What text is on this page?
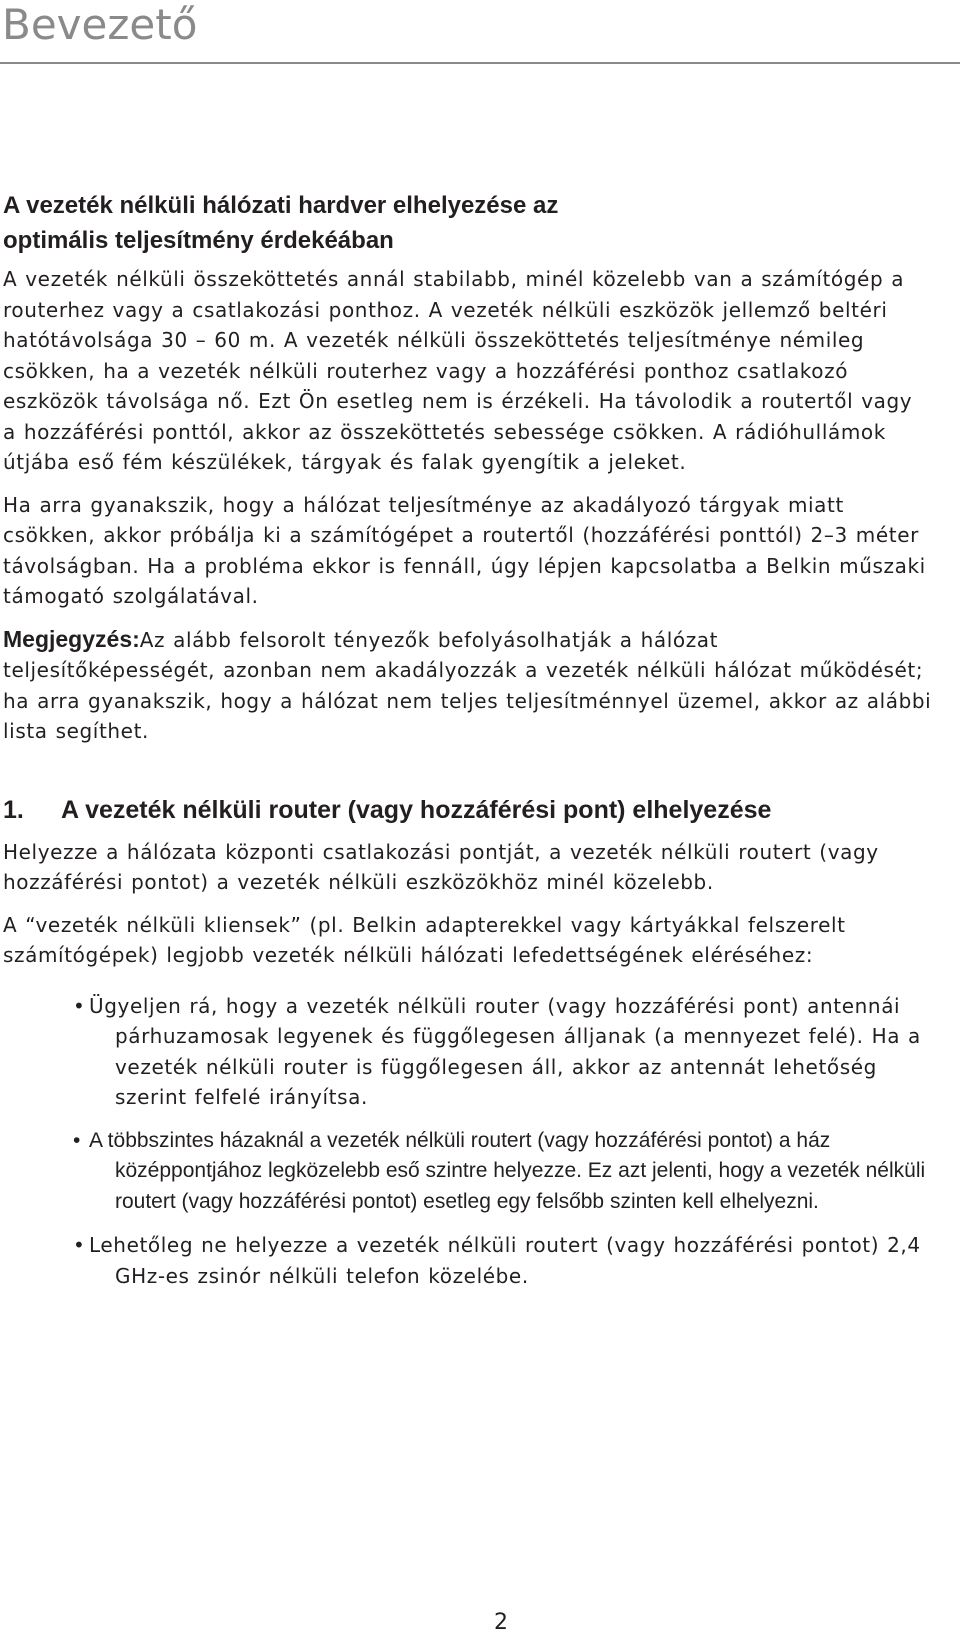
Bevezető
A vezeték nélküli hálózati hardver elhelyezése az
optimális teljesítmény érdekéában

A vezeték nélküli összeköttetés annál stabilabb, minél közelebb van a számítógép a routerhez vagy a csatlakozási ponthoz. A vezeték nélküli eszközök jellemző beltéri hatótávolsága 30 – 60 m. A vezeték nélküli összeköttetés teljesítménye némileg csökken, ha a vezeték nélküli routerhez vagy a hozzáférési ponthoz csatlakozó eszközök távolsága nő. Ezt Ön esetleg nem is érzékeli. Ha távolodik a routertől vagy a hozzáférési ponttól, akkor az összeköttetés sebessége csökken. A rádióhullámok útjába eső fém készülékek, tárgyak és falak gyengítik a jeleket.

Ha arra gyanakszik, hogy a hálózat teljesítménye az akadályozó tárgyak miatt csökken, akkor próbálja ki a számítógépet a routertől (hozzáférési ponttól) 2–3 méter távolságban. Ha a probléma ekkor is fennáll, úgy lépjen kapcsolatba a Belkin műszaki támogató szolgálatával.

Megjegyzés:Az alább felsorolt tényezők befolyásolhatják a hálózat teljesítőképességét, azonban nem akadályozzák a vezeték nélküli hálózat működését; ha arra gyanakszik, hogy a hálózat nem teljes teljesítménnyel üzemel, akkor az alábbi lista segíthet.

1. A vezeték nélküli router (vagy hozzáférési pont) elhelyezése

Helyezze a hálózata központi csatlakozási pontját, a vezeték nélküli routert (vagy hozzáférési pontot) a vezeték nélküli eszközökhöz minél közelebb.

A “vezeték nélküli kliensek” (pl. Belkin adapterekkel vagy kártyákkal felszerelt számítógépek) legjobb vezeték nélküli hálózati lefedettségének eléréséhez:

• Ügyeljen rá, hogy a vezeték nélküli router (vagy hozzáférési pont) antennái párhuzamosak legyenek és függőlegesen álljanak (a mennyezet felé). Ha a vezeték nélküli router is függőlegesen áll, akkor az antennát lehetőség szerint felfelé irányítsa.
• A többszintes házaknál a vezeték nélküli routert (vagy hozzáférési pontot) a ház középpontjához legközelebb eső szintre helyezze. Ez azt jelenti, hogy a vezeték nélküli routert (vagy hozzáférési pontot) esetleg egy felsőbb szinten kell elhelyezni.
• Lehetőleg ne helyezze a vezeték nélküli routert (vagy hozzáférési pontot) 2,4 GHz-es zsinór nélküli telefon közelébe.
2
